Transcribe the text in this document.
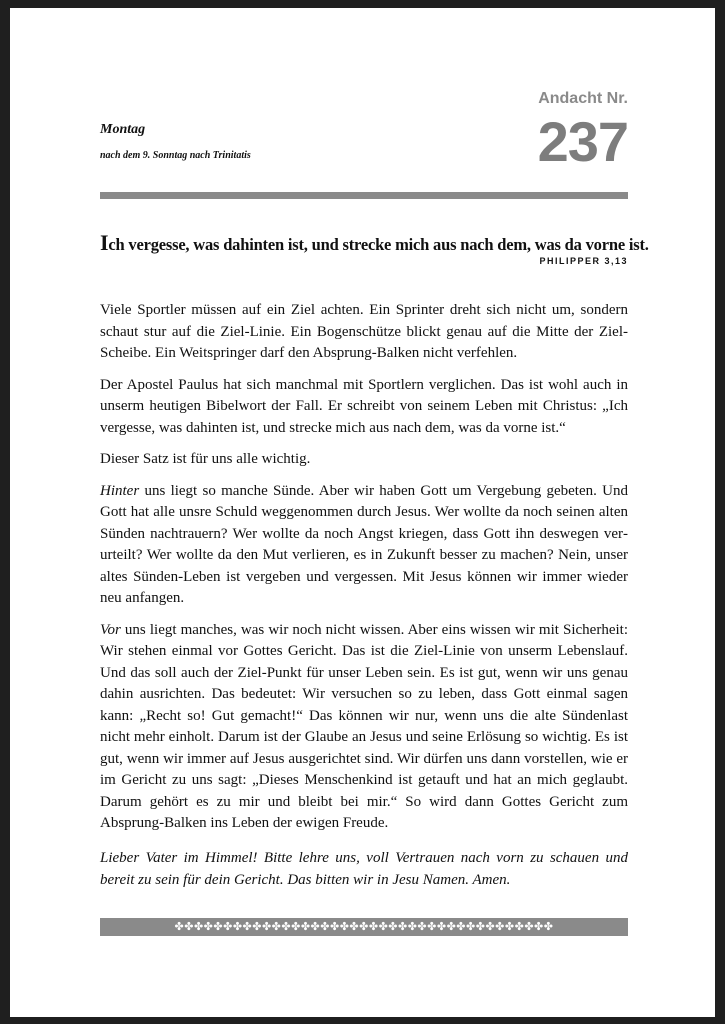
Montag
nach dem 9. Sonntag nach Trinitatis
Andacht Nr.
237
Ich vergesse, was dahinten ist, und strecke mich aus nach dem, was da vorne ist.
PHILIPPER 3,13

Viele Sportler müssen auf ein Ziel achten. Ein Sprinter dreht sich nicht um, sondern schaut stur auf die Ziel-Linie. Ein Bogenschütze blickt genau auf die Mitte der Ziel-Scheibe. Ein Weitspringer darf den Absprung-Balken nicht verfehlen.

Der Apostel Paulus hat sich manchmal mit Sportlern verglichen. Das ist wohl auch in unserm heutigen Bibelwort der Fall. Er schreibt von seinem Leben mit Christus: „Ich vergesse, was dahinten ist, und strecke mich aus nach dem, was da vorne ist.“

Dieser Satz ist für uns alle wichtig.

Hinter uns liegt so manche Sünde. Aber wir haben Gott um Vergebung gebeten. Und Gott hat alle unsre Schuld weggenommen durch Jesus. Wer wollte da noch seinen alten Sünden nachtrauern? Wer wollte da noch Angst kriegen, dass Gott ihn deswegen verurteilt? Wer wollte da den Mut verlieren, es in Zukunft besser zu machen? Nein, unser altes Sünden-Leben ist vergeben und vergessen. Mit Jesus können wir immer wieder neu anfangen.

Vor uns liegt manches, was wir noch nicht wissen. Aber eins wissen wir mit Sicherheit: Wir stehen einmal vor Gottes Gericht. Das ist die Ziel-Linie von unserm Lebenslauf. Und das soll auch der Ziel-Punkt für unser Leben sein. Es ist gut, wenn wir uns genau dahin ausrichten. Das bedeutet: Wir versuchen so zu leben, dass Gott einmal sagen kann: „Recht so! Gut gemacht!“ Das können wir nur, wenn uns die alte Sündenlast nicht mehr einholt. Darum ist der Glaube an Jesus und seine Erlösung so wichtig. Es ist gut, wenn wir immer auf Jesus ausgerichtet sind. Wir dürfen uns dann vorstellen, wie er im Gericht zu uns sagt: „Dieses Menschenkind ist getauft und hat an mich geglaubt. Darum gehört es zu mir und bleibt bei mir.“ So wird dann Gottes Gericht zum Absprung-Balken ins Leben der ewigen Freude.

Lieber Vater im Himmel! Bitte lehre uns, voll Vertrauen nach vorn zu schauen und bereit zu sein für dein Gericht. Das bitten wir in Jesu Namen. Amen.
✤✤✤✤✤✤✤✤✤✤✤✤✤✤✤✤✤✤✤✤✤✤✤✤✤✤✤✤✤✤✤✤✤✤✤✤✤✤✤
